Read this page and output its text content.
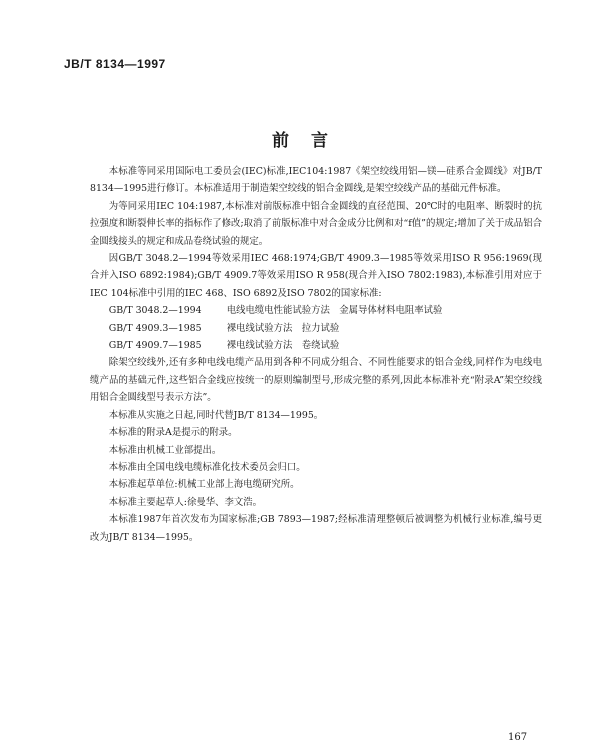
JB/T 8134—1997
前言

本标准等同采用国际电工委员会(IEC)标准,IEC104:1987《架空绞线用铝—镁—硅系合金圆线》对JB/T 8134—1995进行修订。本标准适用于制造架空绞线的铝合金圆线,是架空绞线产品的基础元件标准。

为等同采用IEC 104:1987,本标准对前版标准中铝合金圆线的直径范围、20℃时的电阻率、断裂时的抗拉强度和断裂伸长率的指标作了修改;取消了前版标准中对合金成分比例和对“f值”的规定;增加了关于成品铝合金圆线接头的规定和成品卷绕试验的规定。

因GB/T 3048.2—1994等效采用IEC 468:1974;GB/T 4909.3—1985等效采用ISO R 956:1969(现合并入ISO 6892:1984);GB/T 4909.7等效采用ISO R 958(现合并入ISO 7802:1983),本标准引用对应于IEC 104标准中引用的IEC 468、ISO 6892及ISO 7802的国家标准:

GB/T 3048.2—1994	电线电缆电性能试验方法　金属导体材料电阻率试验
GB/T 4909.3—1985	裸电线试验方法　拉力试验
GB/T 4909.7—1985	裸电线试验方法　卷绕试验

除架空绞线外,还有多种电线电缆产品用到各种不同成分组合、不同性能要求的铝合金线,同样作为电线电缆产品的基础元件,这些铝合金线应按统一的原则编制型号,形成完整的系列,因此本标准补充“附录A”架空绞线用铝合金圆线型号表示方法”。

本标准从实施之日起,同时代替JB/T 8134—1995。

本标准的附录A是提示的附录。

本标准由机械工业部提出。

本标准由全国电线电缆标准化技术委员会归口。

本标准起草单位:机械工业部上海电缆研究所。

本标准主要起草人:徐曼华、李文浩。

本标准1987年首次发布为国家标准;GB 7893—1987;经标准清理整顿后被调整为机械行业标准,编号更改为JB/T 8134—1995。

167
